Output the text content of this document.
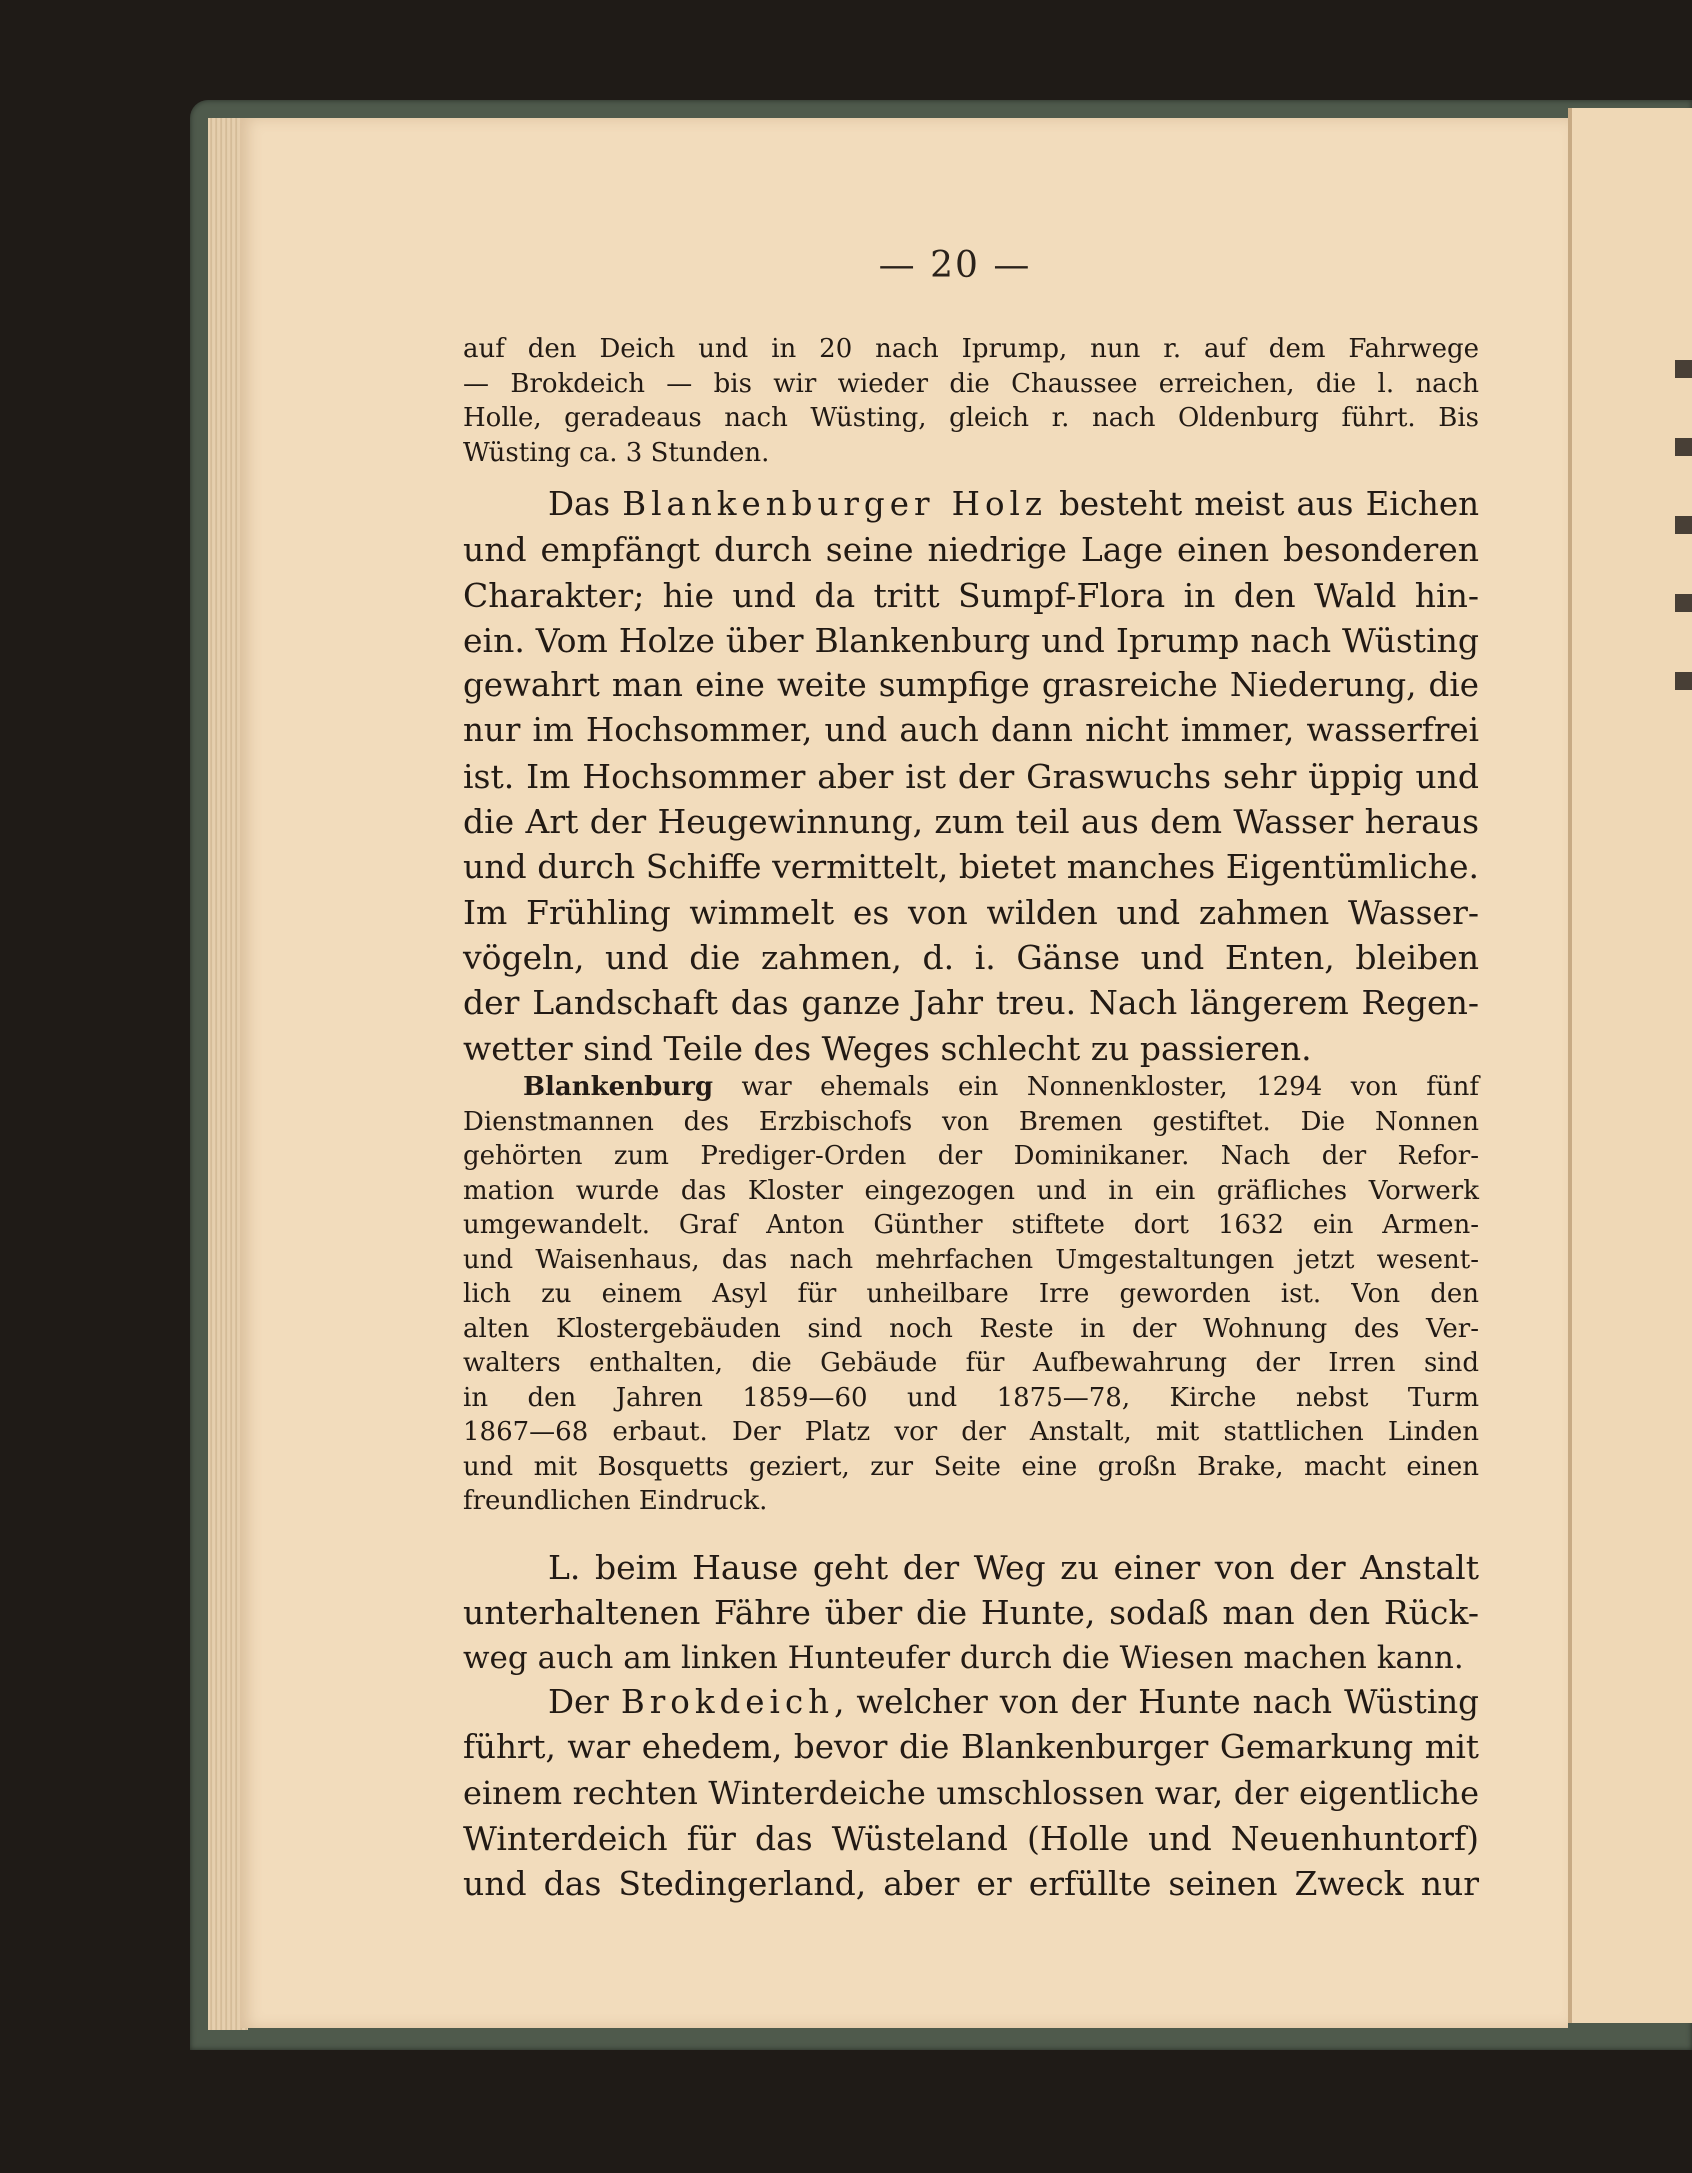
— 20 —
auf den Deich und in 20 nach Iprump, nun r. auf dem Fahrwege
— Brokdeich — bis wir wieder die Chaussee erreichen, die l. nach
Holle, geradeaus nach Wüsting, gleich r. nach Oldenburg führt. Bis
Wüsting ca. 3 Stunden.
Das Blankenburger Holz besteht meist aus Eichen
und empfängt durch seine niedrige Lage einen besonderen
Charakter; hie und da tritt Sumpf-Flora in den Wald hin-
ein. Vom Holze über Blankenburg und Iprump nach Wüsting
gewahrt man eine weite sumpfige grasreiche Niederung, die
nur im Hochsommer, und auch dann nicht immer, wasserfrei
ist. Im Hochsommer aber ist der Graswuchs sehr üppig und
die Art der Heugewinnung, zum teil aus dem Wasser heraus
und durch Schiffe vermittelt, bietet manches Eigentümliche.
Im Frühling wimmelt es von wilden und zahmen Wasser-
vögeln, und die zahmen, d. i. Gänse und Enten, bleiben
der Landschaft das ganze Jahr treu. Nach längerem Regen-
wetter sind Teile des Weges schlecht zu passieren.
Blankenburg war ehemals ein Nonnenkloster, 1294 von fünf
Dienstmannen des Erzbischofs von Bremen gestiftet. Die Nonnen
gehörten zum Prediger-Orden der Dominikaner. Nach der Refor-
mation wurde das Kloster eingezogen und in ein gräfliches Vorwerk
umgewandelt. Graf Anton Günther stiftete dort 1632 ein Armen-
und Waisenhaus, das nach mehrfachen Umgestaltungen jetzt wesent-
lich zu einem Asyl für unheilbare Irre geworden ist. Von den
alten Klostergebäuden sind noch Reste in der Wohnung des Ver-
walters enthalten, die Gebäude für Aufbewahrung der Irren sind
in den Jahren 1859—60 und 1875—78, Kirche nebst Turm
1867—68 erbaut. Der Platz vor der Anstalt, mit stattlichen Linden
und mit Bosquetts geziert, zur Seite eine großn Brake, macht einen
freundlichen Eindruck.
L. beim Hause geht der Weg zu einer von der Anstalt
unterhaltenen Fähre über die Hunte, sodaß man den Rück-
weg auch am linken Hunteufer durch die Wiesen machen kann.
Der Brokdeich, welcher von der Hunte nach Wüsting
führt, war ehedem, bevor die Blankenburger Gemarkung mit
einem rechten Winterdeiche umschlossen war, der eigentliche
Winterdeich für das Wüsteland (Holle und Neuenhuntorf)
und das Stedingerland, aber er erfüllte seinen Zweck nur
